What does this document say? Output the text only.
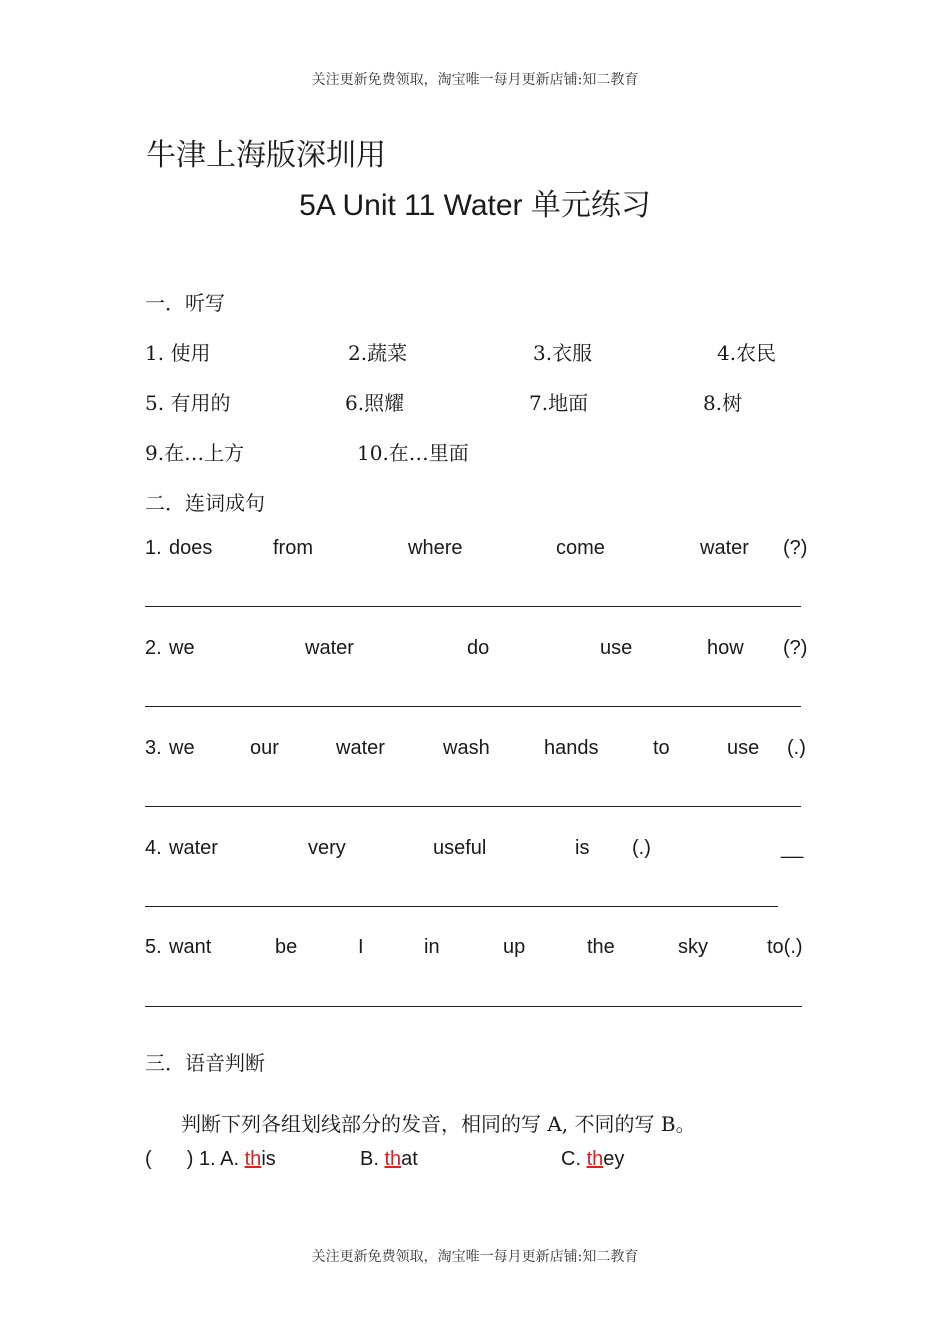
关注更新免费领取，淘宝唯一每月更新店铺:知二教育
牛津上海版深圳用
5A Unit 11 Water 单元练习
一．听写
1. 使用	2.蔬菜	3.衣服	4.农民
5. 有用的	6.照耀	7.地面	8.树
9.在…上方	10.在…里面
二．连词成句
1. does	from	where	come	water (?)
2. we	water	do	use	how (?)
3. we	our	water	wash	hands	to	use (.)
4. water	very	useful	is (.)	__
5. want	be	I	in	up	the	sky	to(.)
三．语音判断
判断下列各组划线部分的发音，相同的写 A, 不同的写 B。
( ) 1. A. this	B. that	C. they
关注更新免费领取，淘宝唯一每月更新店铺:知二教育
